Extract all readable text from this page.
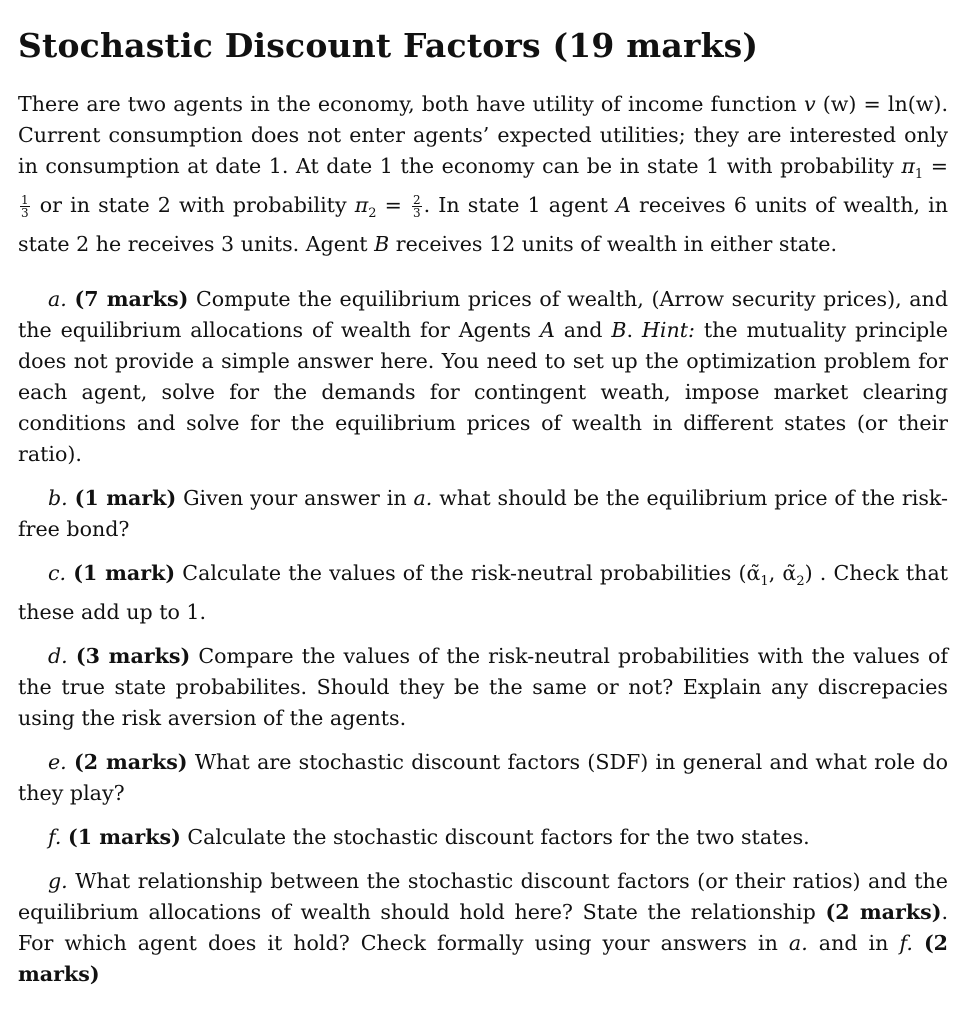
Stochastic Discount Factors (19 marks)

There are two agents in the economy, both have utility of income function v (w) = ln(w). Current consumption does not enter agents’ expected utilities; they are interested only in consumption at date 1. At date 1 the economy can be in state 1 with probability $\pi_1$ =
$\frac{1}{3}$ or in state 2 with probability $\pi_2 = \frac{2}{3}$ . In state 1 agent A receives 6 units of wealth, in state 2 he receives 3 units. Agent B receives 12 units of wealth in either state.

a. (7 marks) Compute the equilibrium prices of wealth, (Arrow security prices), and the equilibrium allocations of wealth for Agents A and B. Hint: the mutuality principle does not provide a simple answer here. You need to set up the optimization problem for each agent, solve for the demands for contingent weath, impose market clearing conditions and solve for the equilibrium prices of wealth in different states (or their ratio).

b. (1 mark) Given your answer in a. what should be the equilibrium price of the risk-free bond?

c. (1 mark) Calculate the values of the risk-neutral probabilities ($\alphã_1$, $\alphã_2$) . Check that these add up to 1.

d. (3 marks) Compare the values of the risk-neutral probabilities with the values of the true state probabilites. Should they be the same or not? Explain any discrepacies using the risk aversion of the agents.

e. (2 marks) What are stochastic discount factors (SDF) in general and what role do they play?

f. (1 marks) Calculate the stochastic discount factors for the two states.

g. What relationship between the stochastic discount factors (or their ratios) and the equilibrium allocations of wealth should hold here? State the relationship (2 marks). For which agent does it hold? Check formally using your answers in a. and in f. (2 marks)
